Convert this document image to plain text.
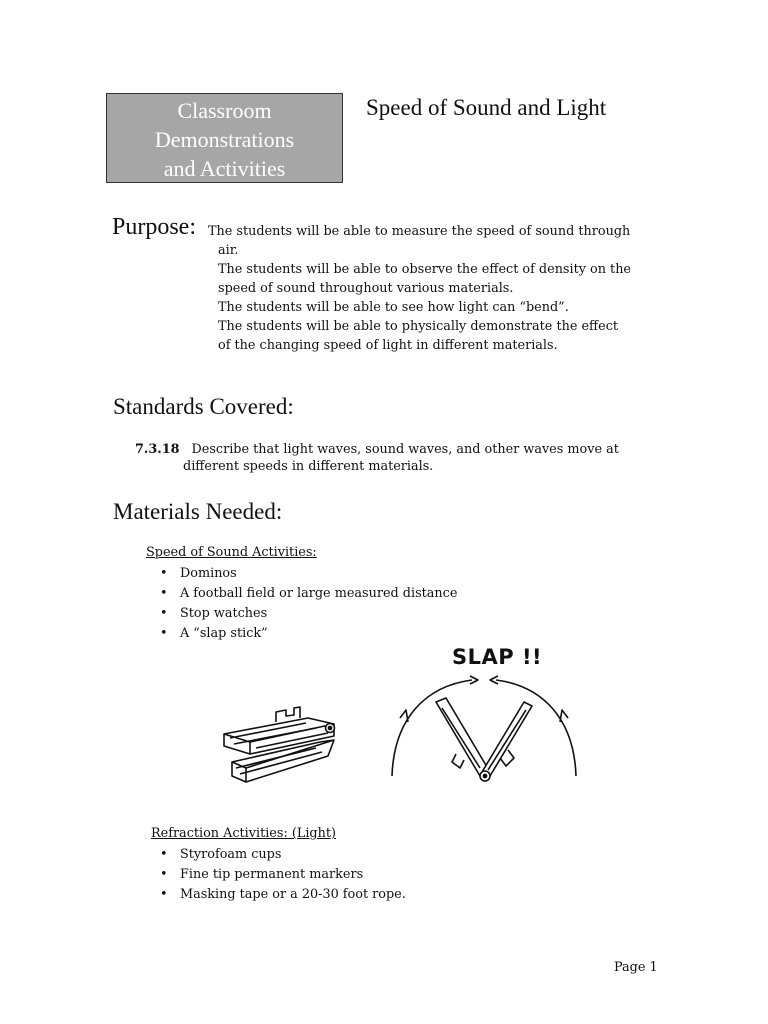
Classroom
Demonstrations
and Activities
Speed of Sound and Light
Purpose: The students will be able to measure the speed of sound through
air.
The students will be able to observe the effect of density on the
speed of sound throughout various materials.
The students will be able to see how light can “bend”.
The students will be able to physically demonstrate the effect
of the changing speed of light in different materials.
Standards Covered:
7.3.18 Describe that light waves, sound waves, and other waves move at
different speeds in different materials.
Materials Needed:
Speed of Sound Activities:
• Dominos
• A football field or large measured distance
• Stop watches
• A “slap stick”
SLAP !!
Refraction Activities: (Light)
• Styrofoam cups
• Fine tip permanent markers
• Masking tape or a 20-30 foot rope.
Page 1
